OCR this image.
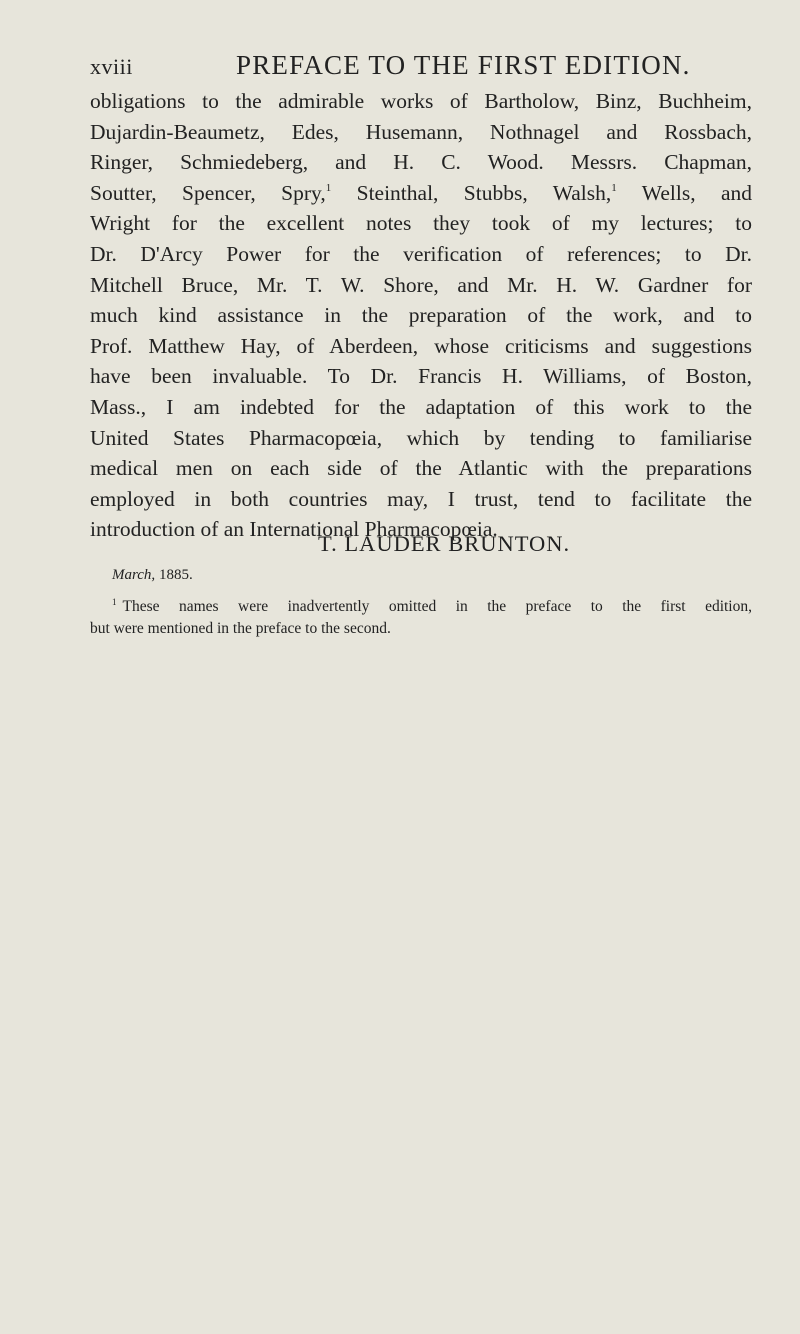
xviii	PREFACE TO THE FIRST EDITION.
obligations to the admirable works of Bartholow, Binz, Buchheim,
Dujardin-Beaumetz, Edes, Husemann, Nothnagel and Rossbach,
Ringer, Schmiedeberg, and H. C. Wood. Messrs. Chapman,
Soutter, Spencer, Spry,$^1$ Steinthal, Stubbs, Walsh,$^1$ Wells, and
Wright for the excellent notes they took of my lectures; to
Dr. D'Arcy Power for the verification of references; to Dr.
Mitchell Bruce, Mr. T. W. Shore, and Mr. H. W. Gardner for
much kind assistance in the preparation of the work, and to
Prof. Matthew Hay, of Aberdeen, whose criticisms and suggestions
have been invaluable. To Dr. Francis H. Williams, of Boston,
Mass., I am indebted for the adaptation of this work to the
United States Pharmacopœia, which by tending to familiarise
medical men on each side of the Atlantic with the preparations
employed in both countries may, I trust, tend to facilitate the
introduction of an International Pharmacopœia.
T. LAUDER BRUNTON.
March, 1885.
$^1$ These names were inadvertently omitted in the preface to the first edition,
but were mentioned in the preface to the second.
